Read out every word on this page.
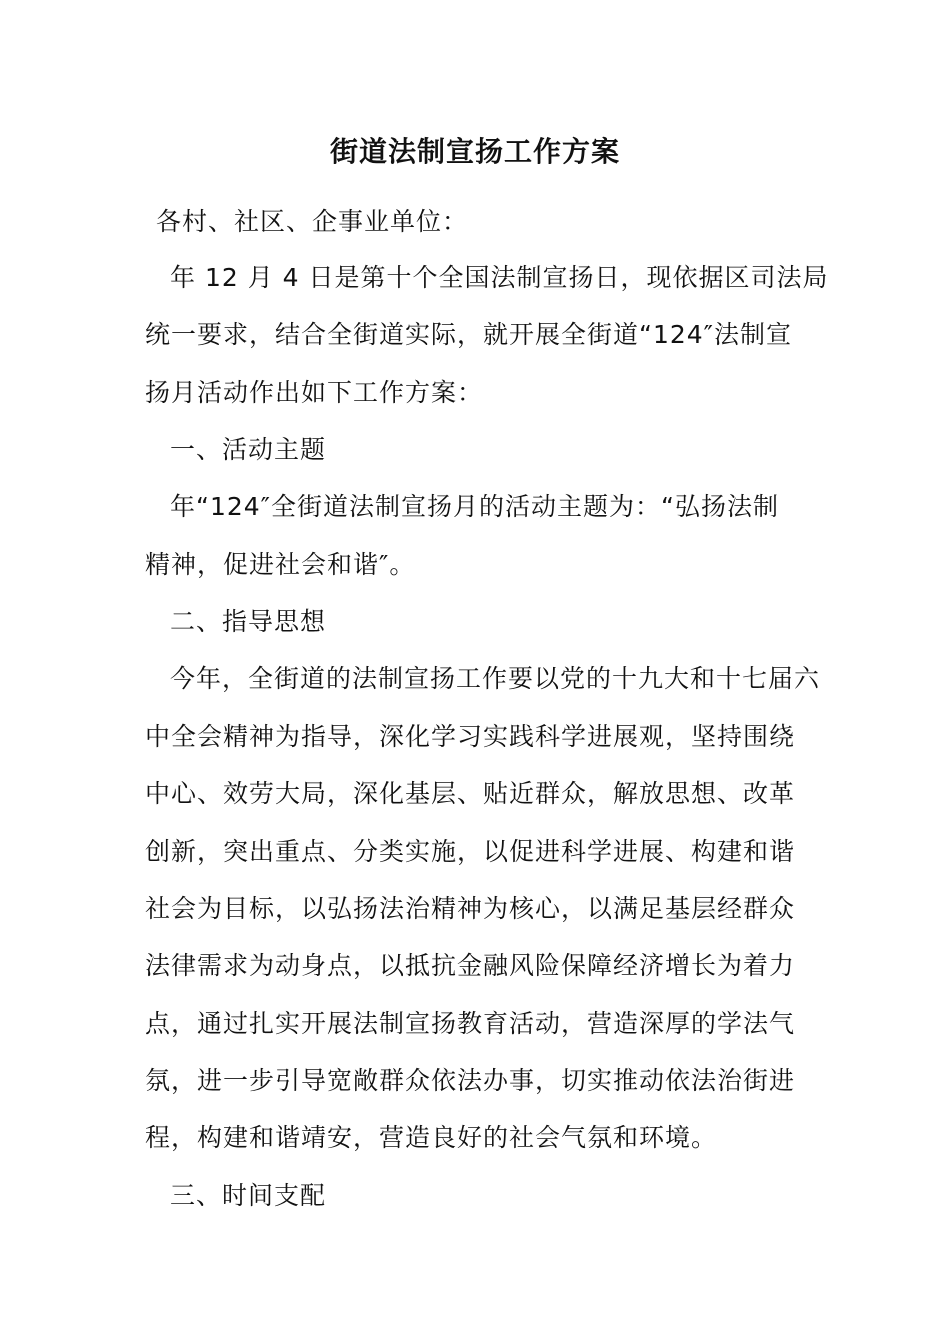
街道法制宣扬工作方案
各村、社区、企事业单位：
年 12 月 4 日是第十个全国法制宣扬日，现依据区司法局
统一要求，结合全街道实际，就开展全街道“124″法制宣
扬月活动作出如下工作方案：
一、活动主题
年“124″全街道法制宣扬月的活动主题为：“弘扬法制
精神，促进社会和谐″。
二、指导思想
今年，全街道的法制宣扬工作要以党的十九大和十七届六
中全会精神为指导，深化学习实践科学进展观，坚持围绕
中心、效劳大局，深化基层、贴近群众，解放思想、改革
创新，突出重点、分类实施，以促进科学进展、构建和谐
社会为目标，以弘扬法治精神为核心，以满足基层经群众
法律需求为动身点，以抵抗金融风险保障经济增长为着力
点，通过扎实开展法制宣扬教育活动，营造深厚的学法气
氛，进一步引导宽敞群众依法办事，切实推动依法治街进
程，构建和谐靖安，营造良好的社会气氛和环境。
三、时间支配
